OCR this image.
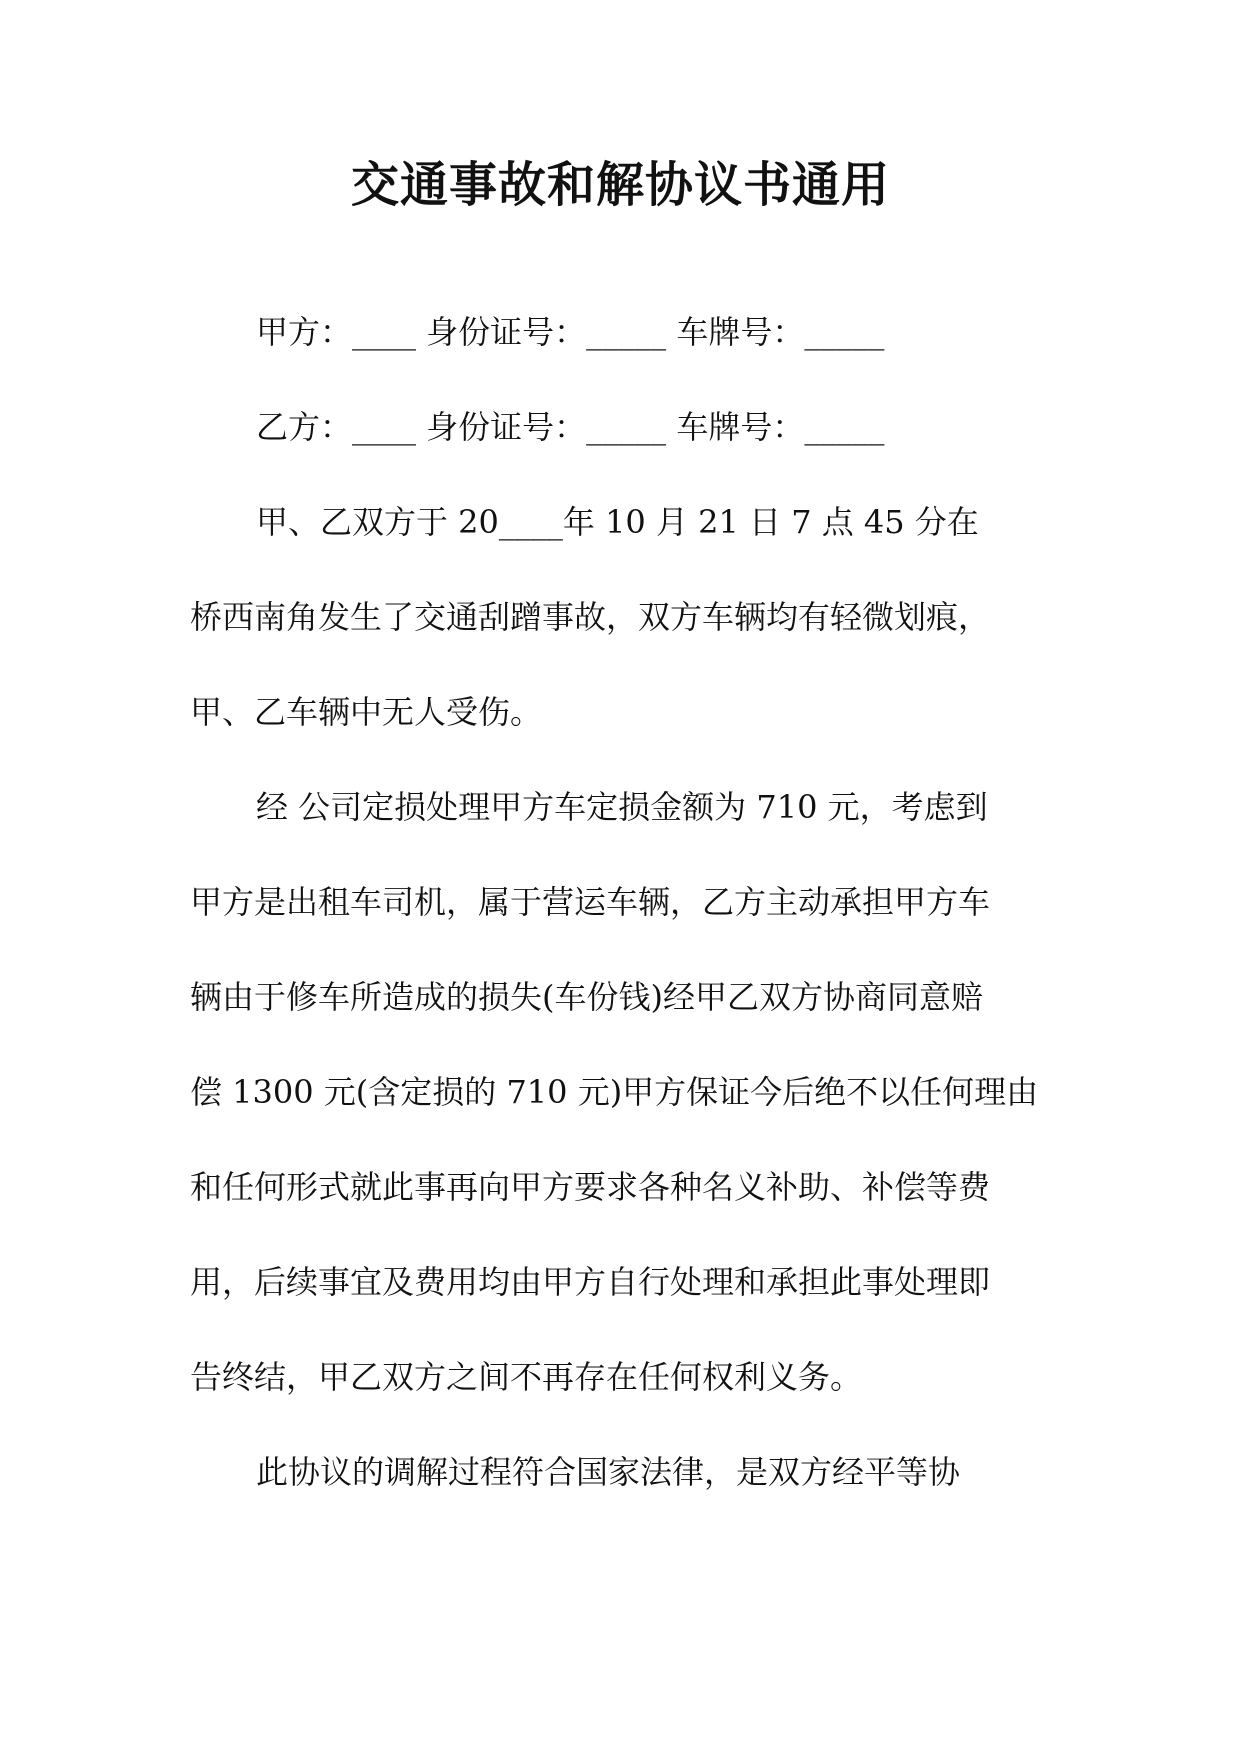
交通事故和解协议书通用
甲方：____ 身份证号：_____ 车牌号：_____
乙方：____ 身份证号：_____ 车牌号：_____
甲、乙双方于 20____年 10 月 21 日 7 点 45 分在
桥西南角发生了交通刮蹭事故，双方车辆均有轻微划痕，
甲、乙车辆中无人受伤。
经 公司定损处理甲方车定损金额为 710 元，考虑到
甲方是出租车司机，属于营运车辆，乙方主动承担甲方车
辆由于修车所造成的损失(车份钱)经甲乙双方协商同意赔
偿 1300 元(含定损的 710 元)甲方保证今后绝不以任何理由
和任何形式就此事再向甲方要求各种名义补助、补偿等费
用，后续事宜及费用均由甲方自行处理和承担此事处理即
告终结，甲乙双方之间不再存在任何权利义务。
此协议的调解过程符合国家法律，是双方经平等协
